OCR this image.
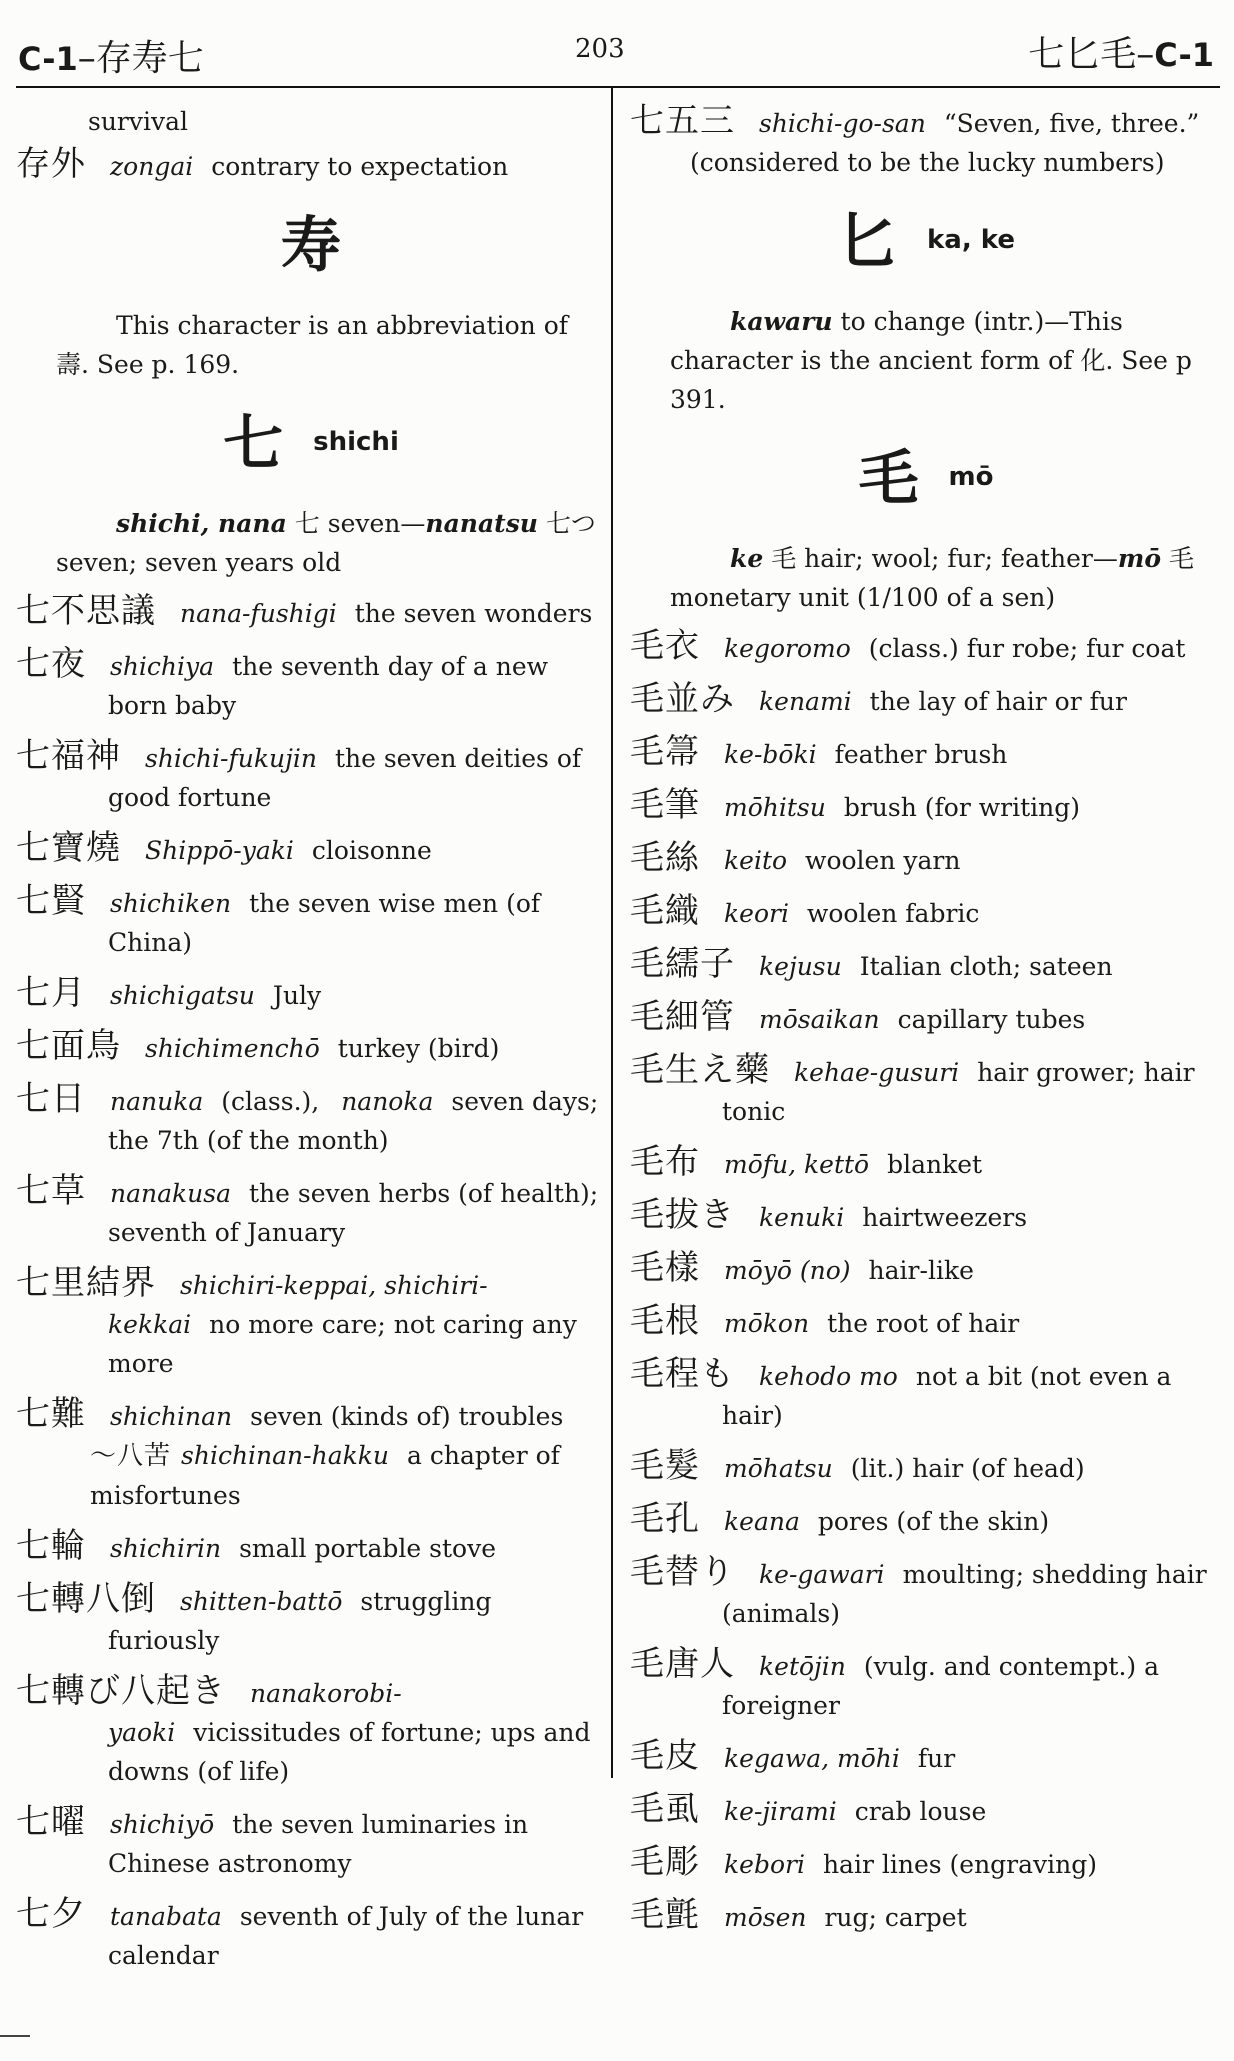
C-1–存寿七	203	七匕毛–C-1
survival
存外 zongai contrary to expectation
寿
This character is an abbreviation of 壽. See p. 169.
七 shichi
shichi, nana 七 seven—nanatsu 七つ seven; seven years old
七不思議 nana-fushigi the seven wonders
七夜 shichiya the seventh day of a new born baby
七福神 shichi-fukujin the seven deities of good fortune
七寶燒 Shippō-yaki cloisonne
七賢 shichiken the seven wise men (of China)
七月 shichigatsu July
七面鳥 shichimenchō turkey (bird)
七日 nanuka (class.), nanoka seven days; the 7th (of the month)
七草 nanakusa the seven herbs (of health); seventh of January
七里結界 shichiri-keppai, shichiri-kekkai no more care; not caring any more
七難 shichinan seven (kinds of) troubles
〜八苦 shichinan-hakku a chapter of misfortunes
七輪 shichirin small portable stove
七轉八倒 shitten-battō struggling furiously
七轉び八起き nanakorobi-yaoki vicissitudes of fortune; ups and downs (of life)
七曜 shichiyō the seven luminaries in Chinese astronomy
七夕 tanabata seventh of July of the lunar calendar
七五三 shichi-go-san “Seven, five, three.” (considered to be the lucky numbers)
匕 ka, ke
kawaru to change (intr.)—This character is the ancient form of 化. See p 391.
毛 mō
ke 毛 hair; wool; fur; feather—mō 毛 monetary unit (1/100 of a sen)
毛衣 kegoromo (class.) fur robe; fur coat
毛並み kenami the lay of hair or fur
毛箒 ke-bōki feather brush
毛筆 mōhitsu brush (for writing)
毛絲 keito woolen yarn
毛織 keori woolen fabric
毛繻子 kejusu Italian cloth; sateen
毛細管 mōsaikan capillary tubes
毛生え藥 kehae-gusuri hair grower; hair tonic
毛布 mōfu, kettō blanket
毛拔き kenuki hairtweezers
毛樣 mōyō (no) hair-like
毛根 mōkon the root of hair
毛程も kehodo mo not a bit (not even a hair)
毛髮 mōhatsu (lit.) hair (of head)
毛孔 keana pores (of the skin)
毛替り ke-gawari moulting; shedding hair (animals)
毛唐人 ketōjin (vulg. and contempt.) a foreigner
毛皮 kegawa, mōhi fur
毛虱 ke-jirami crab louse
毛彫 kebori hair lines (engraving)
毛氈 mōsen rug; carpet
